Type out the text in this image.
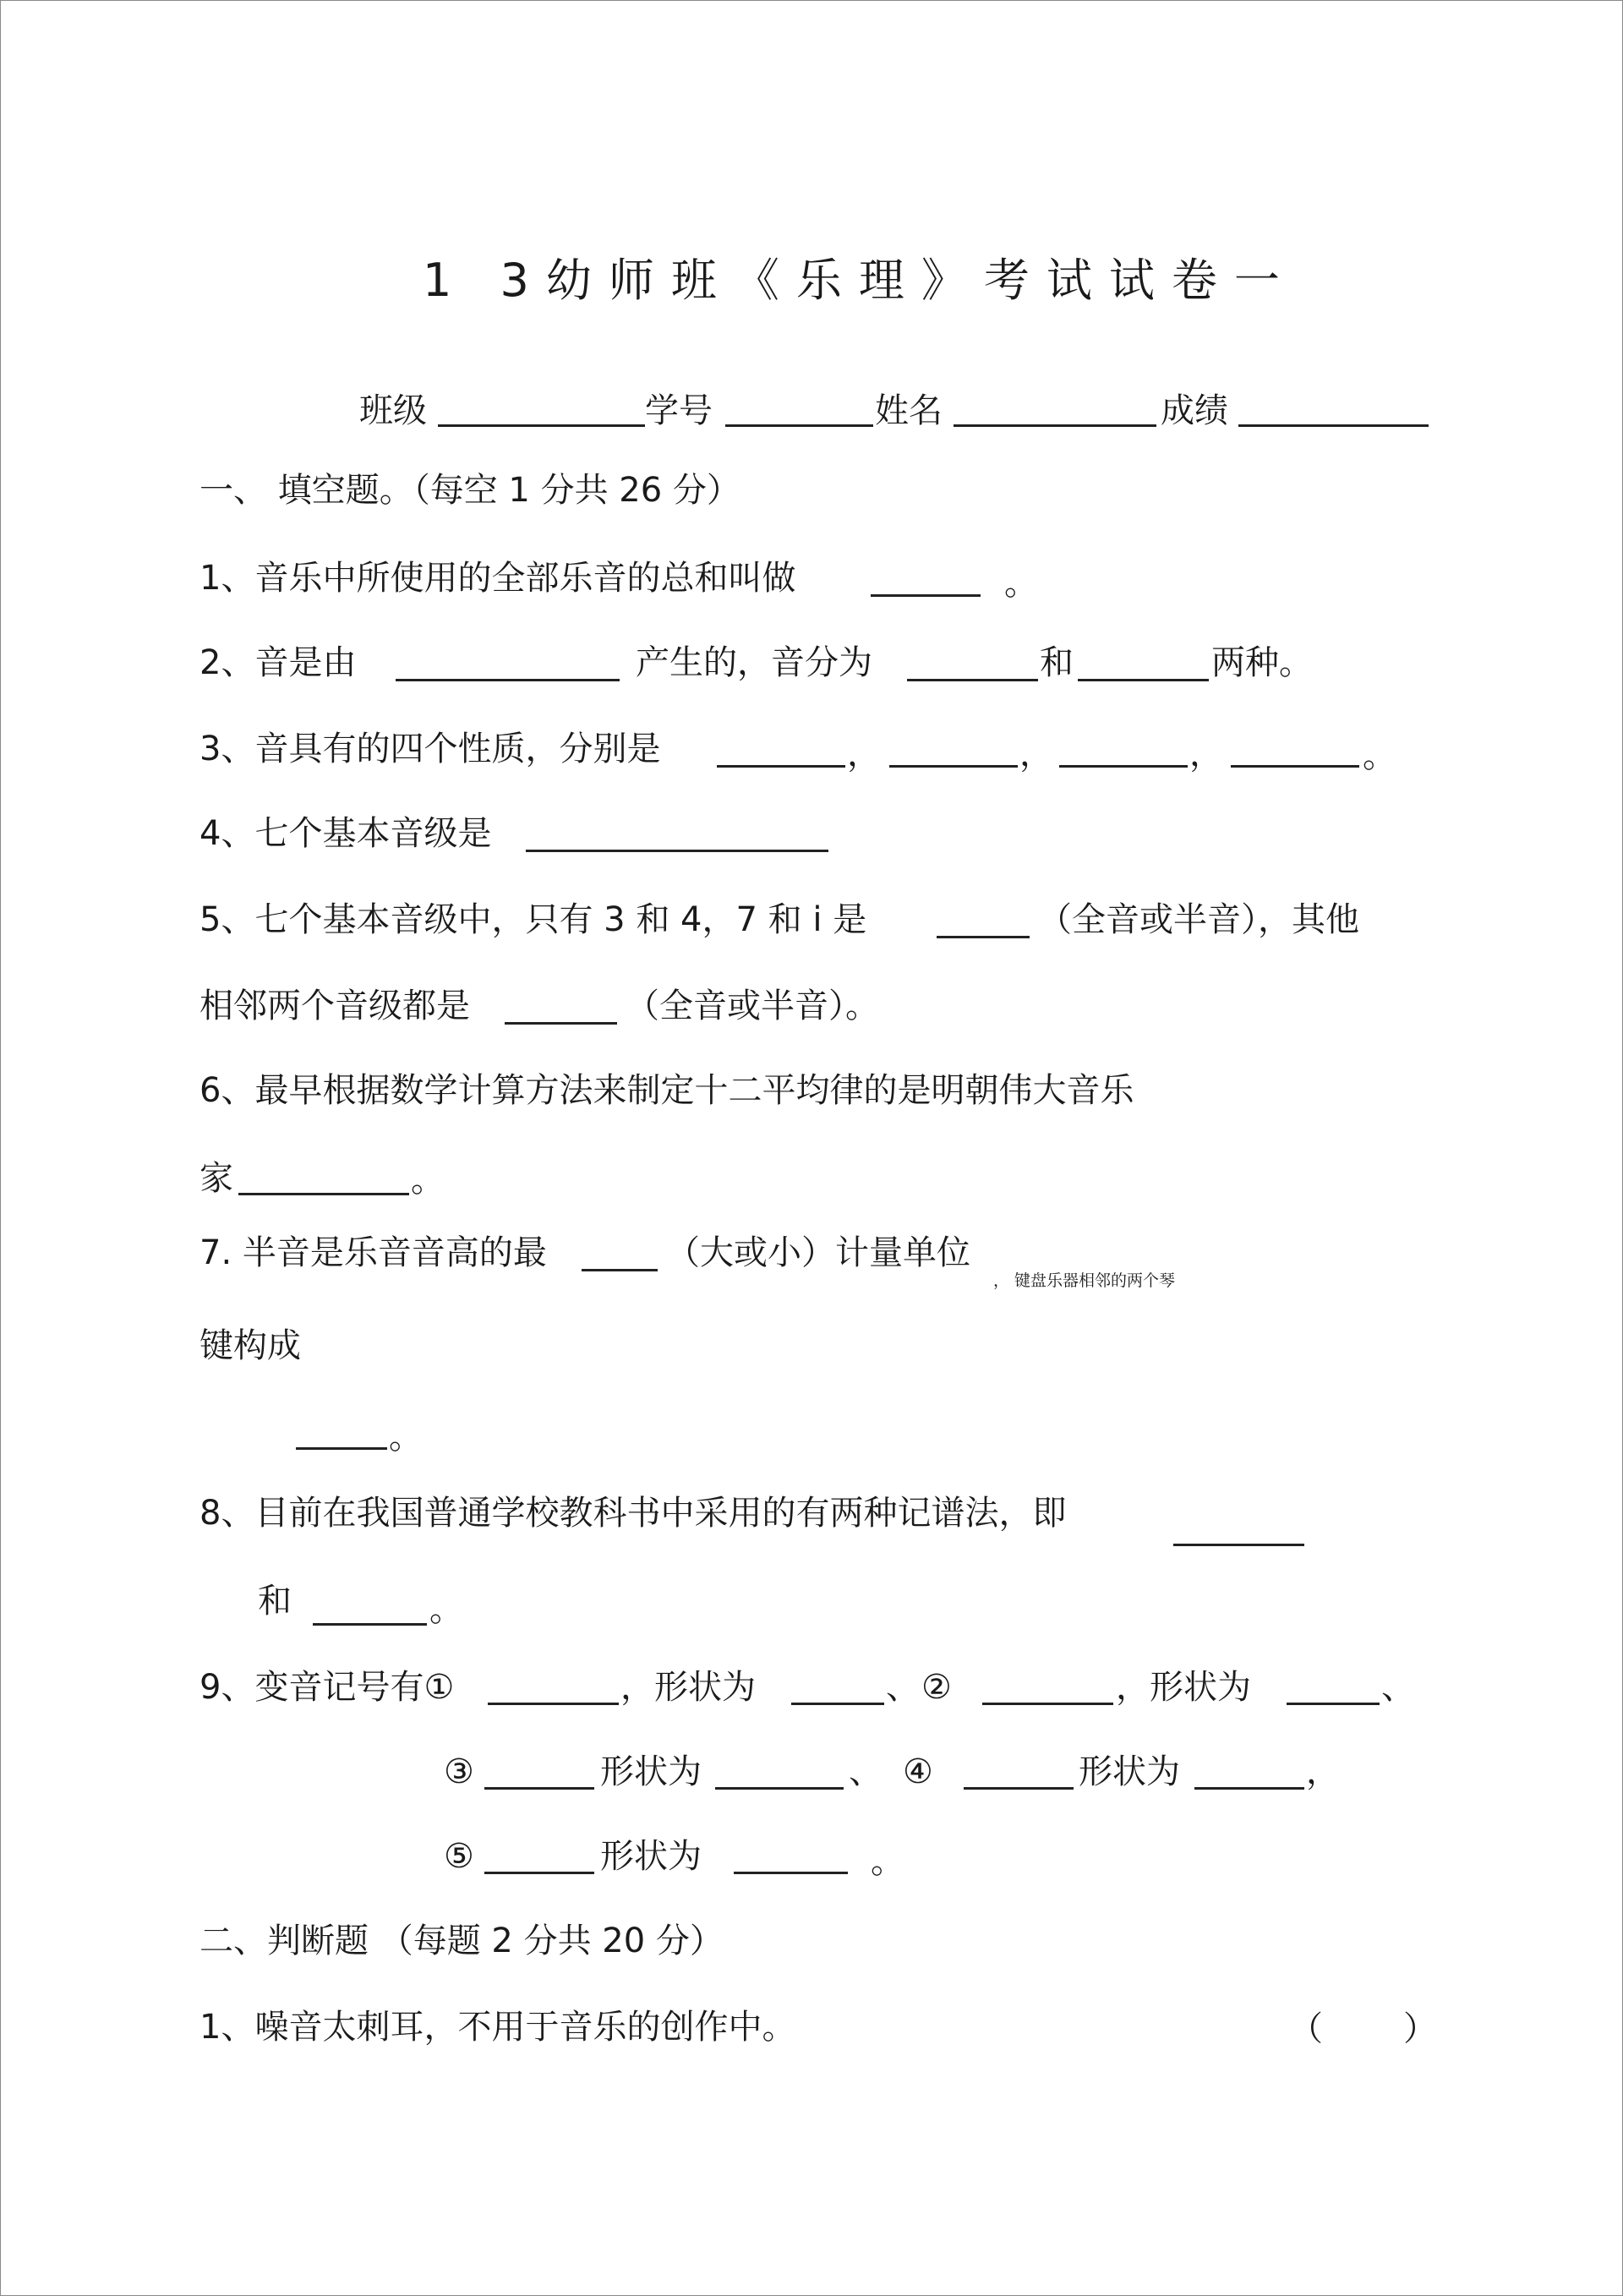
1 3幼师班《乐理》考试试卷一
班级	学号	姓名	成绩
一、 填空题。（每空 1 分共 26 分）
1、音乐中所使用的全部乐音的总和叫做	。
2、音是由	产生的，音分为	和	两种。
3、音具有的四个性质，分别是	，	，	，	。
4、七个基本音级是
5、七个基本音级中，只有 3 和 4，7 和 i 是	（全音或半音），其他
相邻两个音级都是	（全音或半音）。
6、最早根据数学计算方法来制定十二平均律的是明朝伟大音乐
家	。
7. 半音是乐音音高的最	（大或小）计量单位
， 键盘乐器相邻的两个琴
键构成
。
8、目前在我国普通学校教科书中采用的有两种记谱法，即
和	。
9、变音记号有①	，形状为	、 ②	，形状为	、
③	形状为	、 ④	形状为	，
⑤	形状为	。
二、判断题 （每题 2 分共 20 分）
1、噪音太刺耳，不用于音乐的创作中。	（ ）
